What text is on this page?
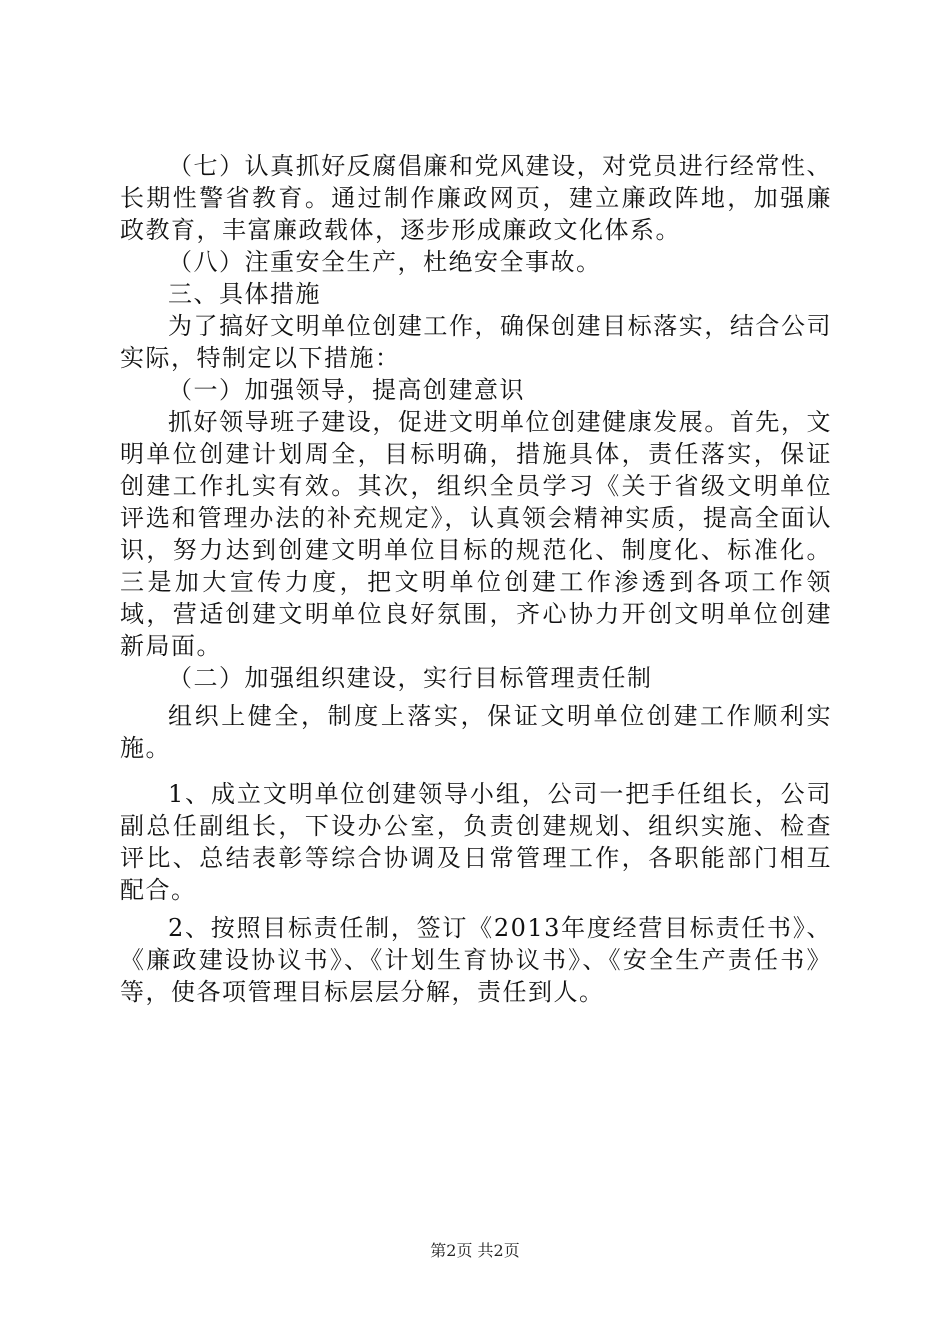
（七）认真抓好反腐倡廉和党风建设，对党员进行经常性、长期性警省教育。通过制作廉政网页，建立廉政阵地，加强廉政教育，丰富廉政载体，逐步形成廉政文化体系。

（八）注重安全生产，杜绝安全事故。

三、具体措施

为了搞好文明单位创建工作，确保创建目标落实，结合公司实际，特制定以下措施：

（一）加强领导，提高创建意识

抓好领导班子建设，促进文明单位创建健康发展。首先，文明单位创建计划周全，目标明确，措施具体，责任落实，保证创建工作扎实有效。其次，组织全员学习《关于省级文明单位评选和管理办法的补充规定》，认真领会精神实质，提高全面认识，努力达到创建文明单位目标的规范化、制度化、标准化。三是加大宣传力度，把文明单位创建工作渗透到各项工作领域，营适创建文明单位良好氛围，齐心协力开创文明单位创建新局面。

（二）加强组织建设，实行目标管理责任制

组织上健全，制度上落实，保证文明单位创建工作顺利实施。

1、成立文明单位创建领导小组，公司一把手任组长，公司副总任副组长，下设办公室，负责创建规划、组织实施、检查评比、总结表彰等综合协调及日常管理工作，各职能部门相互配合。

2、按照目标责任制，签订《2013年度经营目标责任书》、《廉政建设协议书》、《计划生育协议书》、《安全生产责任书》等，使各项管理目标层层分解，责任到人。

第2页 共2页
